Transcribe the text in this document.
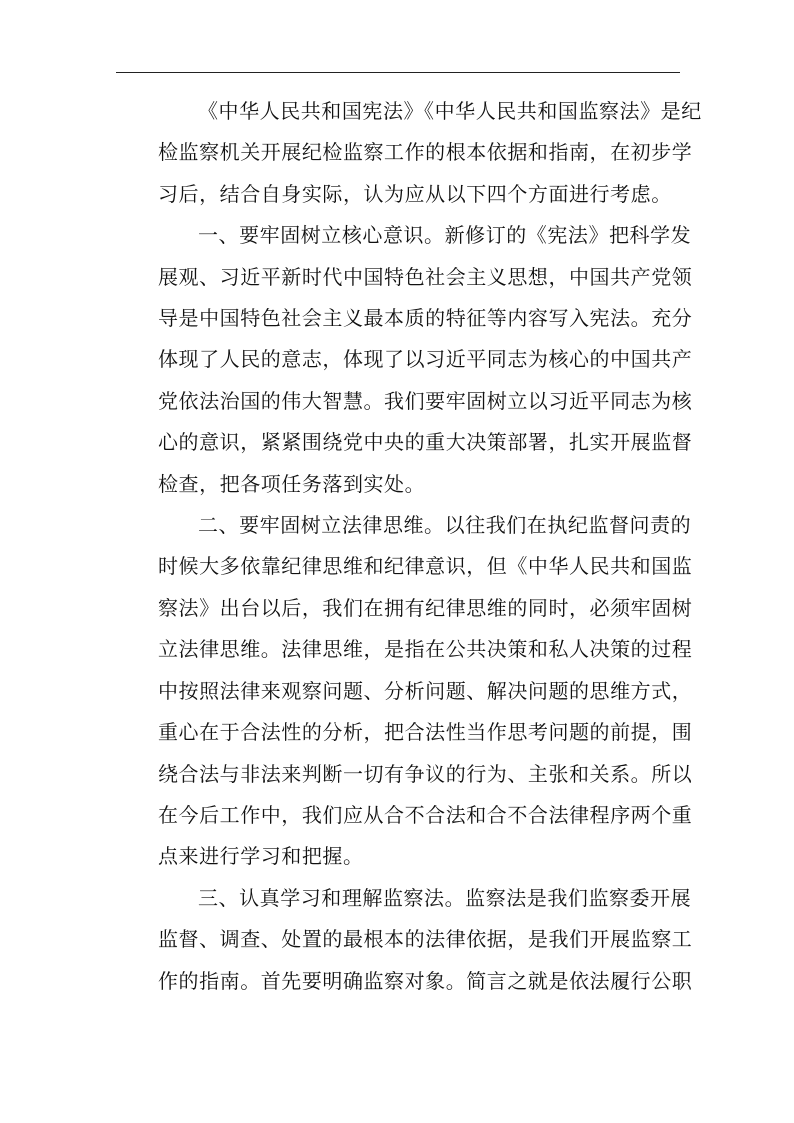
《中华人民共和国宪法》《中华人民共和国监察法》是纪
检监察机关开展纪检监察工作的根本依据和指南，在初步学
习后，结合自身实际，认为应从以下四个方面进行考虑。
一、要牢固树立核心意识。新修订的《宪法》把科学发
展观、习近平新时代中国特色社会主义思想，中国共产党领
导是中国特色社会主义最本质的特征等内容写入宪法。充分
体现了人民的意志，体现了以习近平同志为核心的中国共产
党依法治国的伟大智慧。我们要牢固树立以习近平同志为核
心的意识，紧紧围绕党中央的重大决策部署，扎实开展监督
检查，把各项任务落到实处。
二、要牢固树立法律思维。以往我们在执纪监督问责的
时候大多依靠纪律思维和纪律意识，但《中华人民共和国监
察法》出台以后，我们在拥有纪律思维的同时，必须牢固树
立法律思维。法律思维，是指在公共决策和私人决策的过程
中按照法律来观察问题、分析问题、解决问题的思维方式，
重心在于合法性的分析，把合法性当作思考问题的前提，围
绕合法与非法来判断一切有争议的行为、主张和关系。所以
在今后工作中，我们应从合不合法和合不合法律程序两个重
点来进行学习和把握。
三、认真学习和理解监察法。监察法是我们监察委开展
监督、调查、处置的最根本的法律依据，是我们开展监察工
作的指南。首先要明确监察对象。简言之就是依法履行公职
